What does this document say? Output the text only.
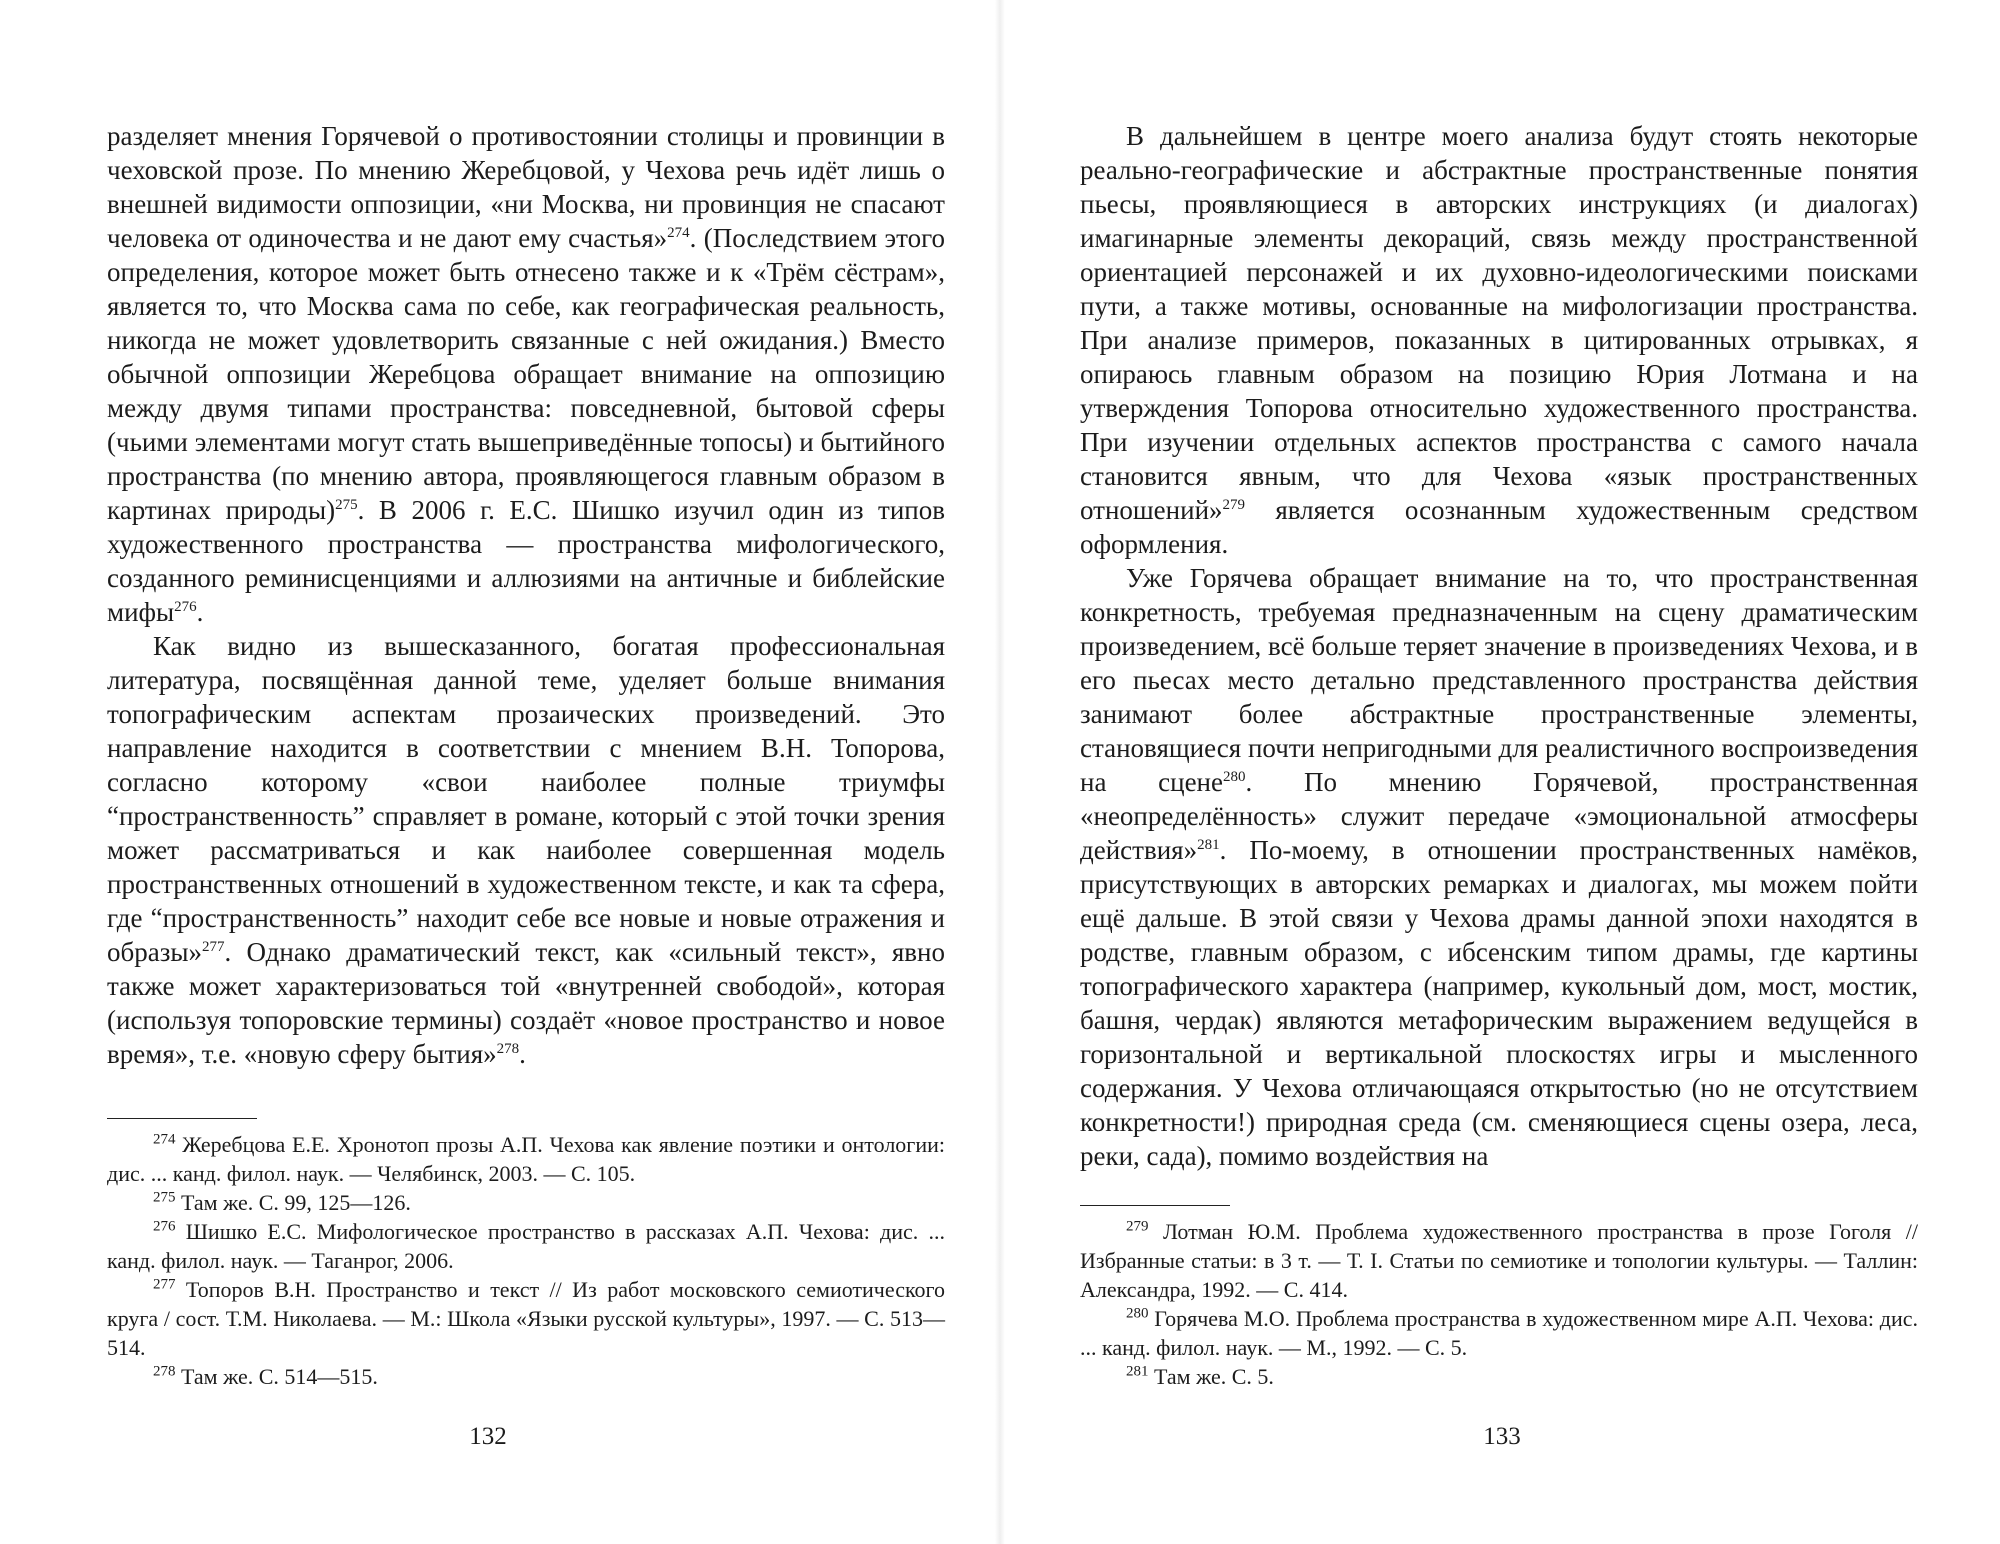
разделяет мнения Горячевой о противостоянии столицы и провинции в чеховской прозе. По мнению Жеребцовой, у Чехова речь идёт лишь о внешней видимости оппозиции, «ни Москва, ни провинция не спасают человека от одиночества и не дают ему счастья»$^{274}$. (Последствием этого определения, которое может быть отнесено также и к «Трём сёстрам», является то, что Москва сама по себе, как географическая реальность, никогда не может удовлетворить связанные с ней ожидания.) Вместо обычной оппозиции Жеребцова обращает внимание на оппозицию между двумя типами пространства: повседневной, бытовой сферы (чьими элементами могут стать вышеприведённые топосы) и бытийного пространства (по мнению автора, проявляющегося главным образом в картинах природы)$^{275}$. В 2006 г. Е.С. Шишко изучил один из типов художественного пространства — пространства мифологического, созданного реминисценциями и аллюзиями на античные и библейские мифы$^{276}$.

Как видно из вышесказанного, богатая профессиональная литература, посвящённая данной теме, уделяет больше внимания топографическим аспектам прозаических произведений. Это направление находится в соответствии с мнением В.Н. Топорова, согласно которому «свои наиболее полные триумфы “пространственность” справляет в романе, который с этой точки зрения может рассматриваться и как наиболее совершенная модель пространственных отношений в художественном тексте, и как та сфера, где “пространственность” находит себе все новые и новые отражения и образы»$^{277}$. Однако драматический текст, как «сильный текст», явно также может характеризоваться той «внутренней свободой», которая (используя топоровские термины) создаёт «новое пространство и новое время», т.е. «новую сферу бытия»$^{278}$.

$^{274}$ Жеребцова Е.Е. Хронотоп прозы А.П. Чехова как явление поэтики и онтологии: дис. ... канд. филол. наук. — Челябинск, 2003. — С. 105.

$^{275}$ Там же. С. 99, 125—126.

$^{276}$ Шишко Е.С. Мифологическое пространство в рассказах А.П. Чехова: дис. ... канд. филол. наук. — Таганрог, 2006.

$^{277}$ Топоров В.Н. Пространство и текст // Из работ московского семиотического круга / сост. Т.М. Николаева. — М.: Школа «Языки русской культуры», 1997. — С. 513—514.

$^{278}$ Там же. С. 514—515.

132

В дальнейшем в центре моего анализа будут стоять некоторые реально-географические и абстрактные пространственные понятия пьесы, проявляющиеся в авторских инструкциях (и диалогах) имагинарные элементы декораций, связь между пространственной ориентацией персонажей и их духовно-идеологическими поисками пути, а также мотивы, основанные на мифологизации пространства. При анализе примеров, показанных в цитированных отрывках, я опираюсь главным образом на позицию Юрия Лотмана и на утверждения Топорова относительно художественного пространства. При изучении отдельных аспектов пространства с самого начала становится явным, что для Чехова «язык пространственных отношений»$^{279}$ является осознанным художественным средством оформления.

Уже Горячева обращает внимание на то, что пространственная конкретность, требуемая предназначенным на сцену драматическим произведением, всё больше теряет значение в произведениях Чехова, и в его пьесах место детально представленного пространства действия занимают более абстрактные пространственные элементы, становящиеся почти непригодными для реалистичного воспроизведения на сцене$^{280}$. По мнению Горячевой, пространственная «неопределённость» служит передаче «эмоциональной атмосферы действия»$^{281}$. По-моему, в отношении пространственных намёков, присутствующих в авторских ремарках и диалогах, мы можем пойти ещё дальше. В этой связи у Чехова драмы данной эпохи находятся в родстве, главным образом, с ибсенским типом драмы, где картины топографического характера (например, кукольный дом, мост, мостик, башня, чердак) являются метафорическим выражением ведущейся в горизонтальной и вертикальной плоскостях игры и мысленного содержания. У Чехова отличающаяся открытостью (но не отсутствием конкретности!) природная среда (см. сменяющиеся сцены озера, леса, реки, сада), помимо воздействия на

$^{279}$ Лотман Ю.М. Проблема художественного пространства в прозе Гоголя // Избранные статьи: в 3 т. — Т. I. Статьи по семиотике и топологии культуры. — Таллин: Александра, 1992. — С. 414.

$^{280}$ Горячева М.О. Проблема пространства в художественном мире А.П. Чехова: дис. ... канд. филол. наук. — М., 1992. — С. 5.

$^{281}$ Там же. С. 5.

133
